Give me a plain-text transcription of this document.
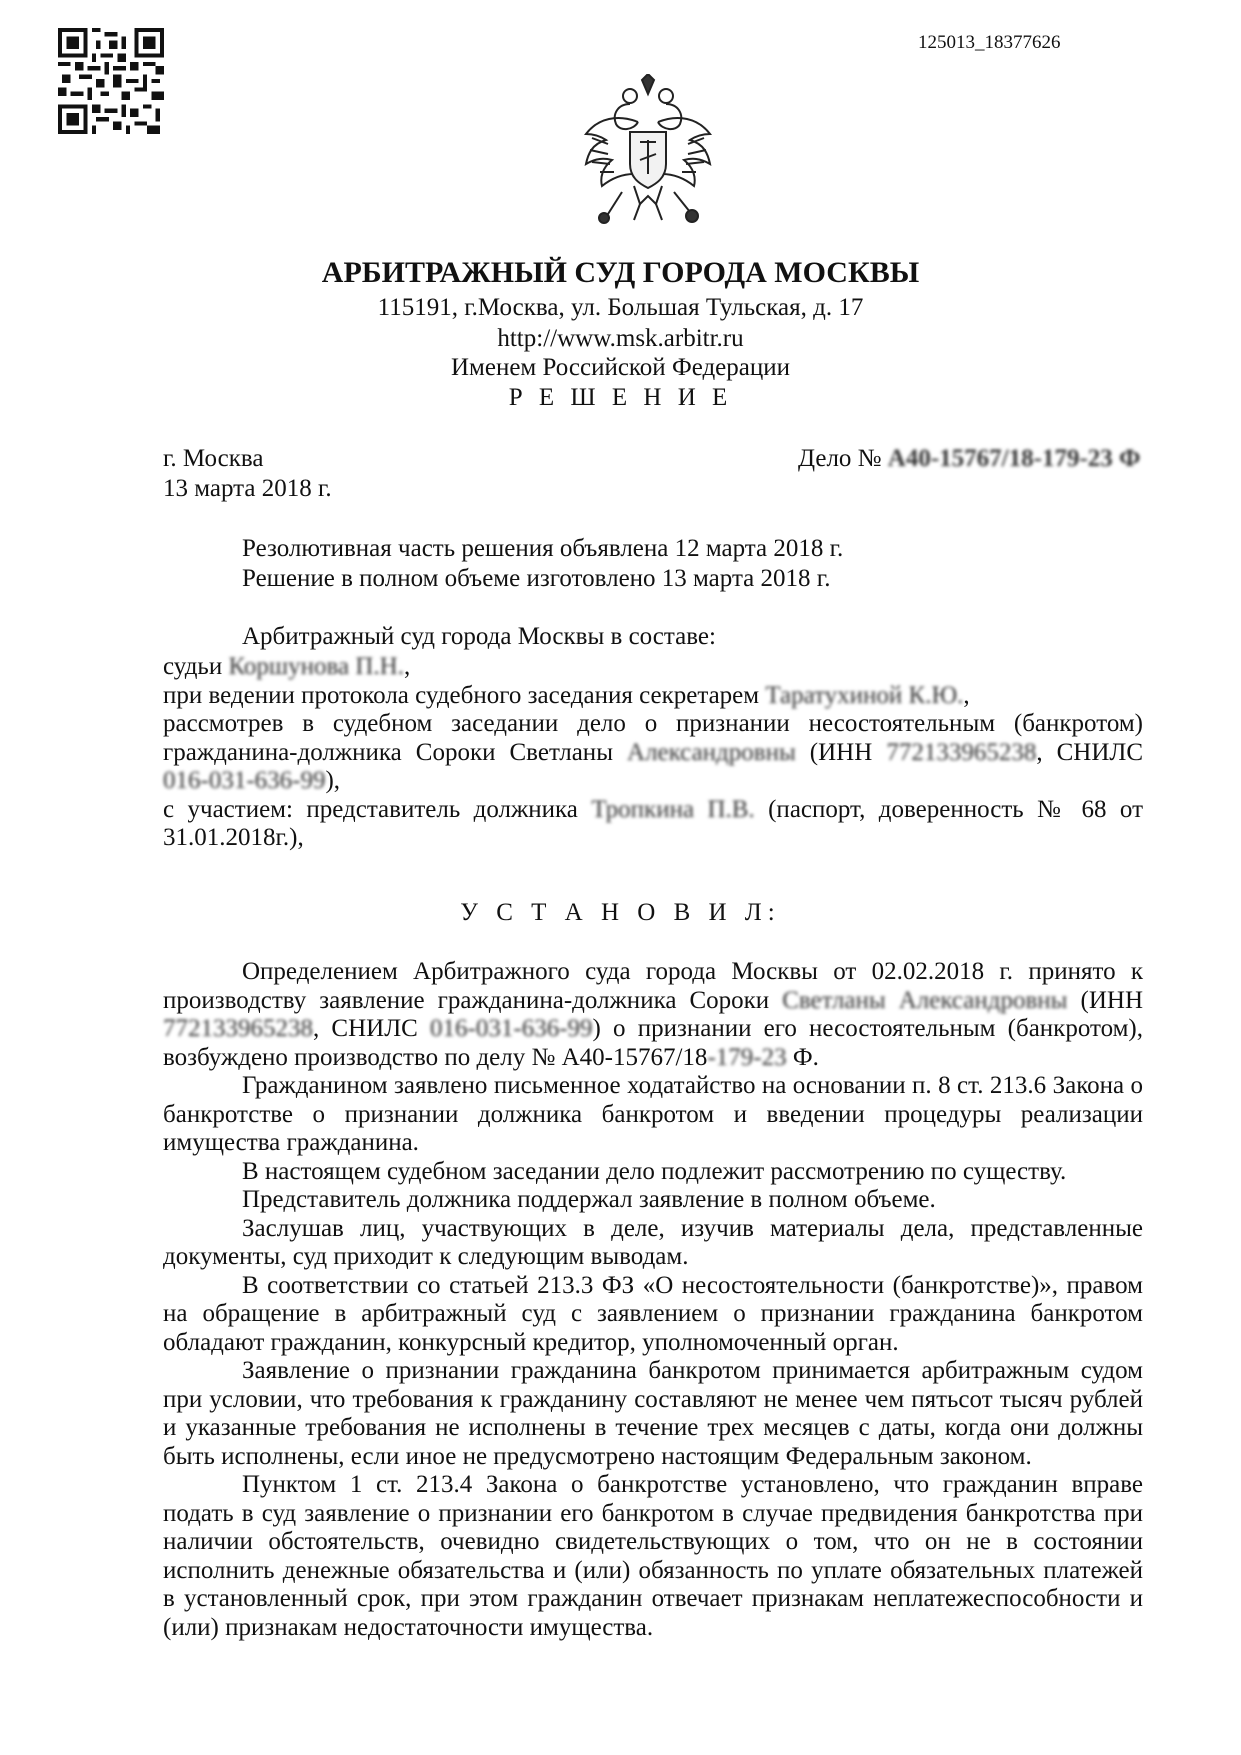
125013_18377626
АРБИТРАЖНЫЙ СУД ГОРОДА МОСКВЫ
115191, г.Москва, ул. Большая Тульская, д. 17
http://www.msk.arbitr.ru
Именем Российской Федерации
Р Е Ш Е Н И Е
г. Москва
13 марта 2018 г.
Дело № А40-15767/18-179-23 Ф
Резолютивная часть решения объявлена 12 марта 2018 г.
Решение в полном объеме изготовлено 13 марта 2018 г.
Арбитражный суд города Москвы в составе:

судьи Коршунова П.Н.,

при ведении протокола судебного заседания секретарем Таратухиной К.Ю.,

рассмотрев в судебном заседании дело о признании несостоятельным (банкротом) гражданина-должника Сороки Светланы Александровны (ИНН 772133965238, СНИЛС 016-031-636-99),

с участием: представитель должника Тропкина П.В. (паспорт, доверенность № 68 от 31.01.2018г.),

У С Т А Н О В И Л:

Определением Арбитражного суда города Москвы от 02.02.2018 г. принято к производству заявление гражданина-должника Сороки Светланы Александровны (ИНН 772133965238, СНИЛС 016-031-636-99) о признании его несостоятельным (банкротом), возбуждено производство по делу № А40-15767/18-179-23 Ф.

Гражданином заявлено письменное ходатайство на основании п. 8 ст. 213.6 Закона о банкротстве о признании должника банкротом и введении процедуры реализации имущества гражданина.

В настоящем судебном заседании дело подлежит рассмотрению по существу.

Представитель должника поддержал заявление в полном объеме.

Заслушав лиц, участвующих в деле, изучив материалы дела, представленные документы, суд приходит к следующим выводам.

В соответствии со статьей 213.3 ФЗ «О несостоятельности (банкротстве)», правом на обращение в арбитражный суд с заявлением о признании гражданина банкротом обладают гражданин, конкурсный кредитор, уполномоченный орган.

Заявление о признании гражданина банкротом принимается арбитражным судом при условии, что требования к гражданину составляют не менее чем пятьсот тысяч рублей и указанные требования не исполнены в течение трех месяцев с даты, когда они должны быть исполнены, если иное не предусмотрено настоящим Федеральным законом.

Пунктом 1 ст. 213.4 Закона о банкротстве установлено, что гражданин вправе подать в суд заявление о признании его банкротом в случае предвидения банкротства при наличии обстоятельств, очевидно свидетельствующих о том, что он не в состоянии исполнить денежные обязательства и (или) обязанность по уплате обязательных платежей в установленный срок, при этом гражданин отвечает признакам неплатежеспособности и (или) признакам недостаточности имущества.
